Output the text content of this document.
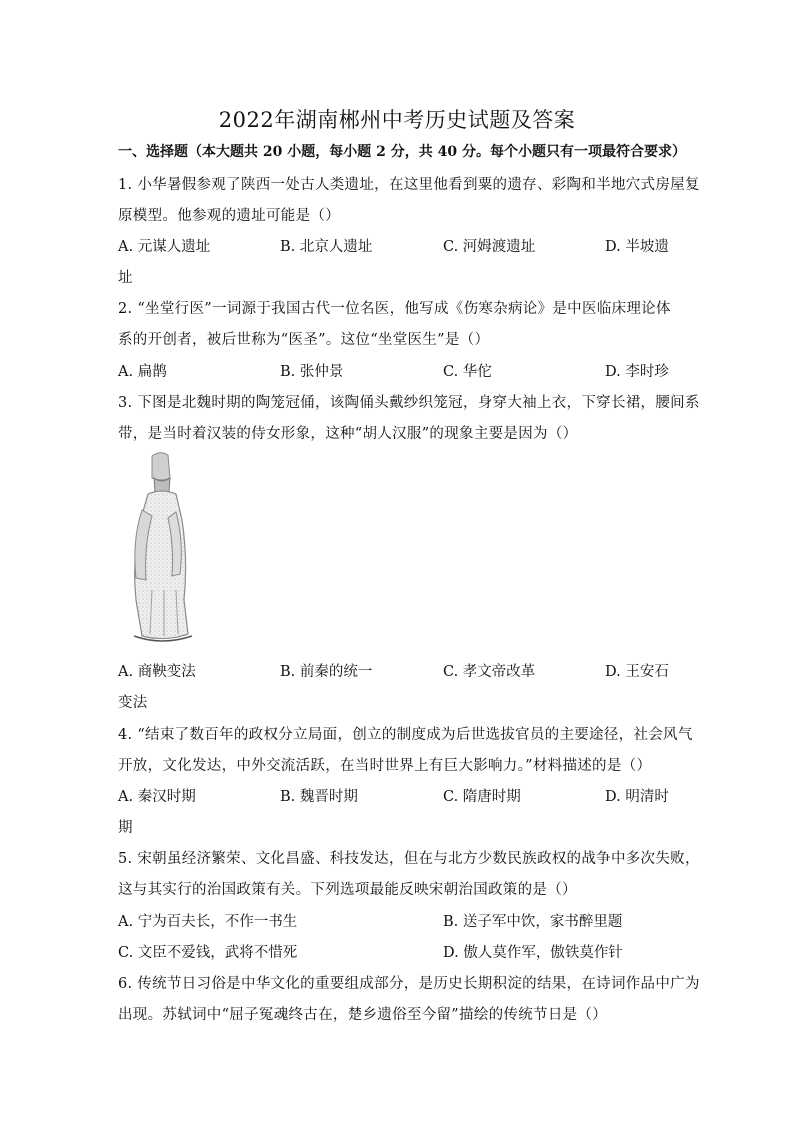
2022年湖南郴州中考历史试题及答案
一、选择题（本大题共 20 小题，每小题 2 分，共 40 分。每个小题只有一项最符合要求）
1. 小华暑假参观了陕西一处古人类遗址，在这里他看到粟的遗存、彩陶和半地穴式房屋复
原模型。他参观的遗址可能是（）
A. 元谋人遗址	B. 北京人遗址	C. 河姆渡遗址	D. 半坡遗
址
2. “坐堂行医”一词源于我国古代一位名医，他写成《伤寒杂病论》是中医临床理论体
系的开创者，被后世称为“医圣”。这位“坐堂医生”是（）
A. 扁鹊	B. 张仲景	C. 华佗	D. 李时珍
3. 下图是北魏时期的陶笼冠俑，该陶俑头戴纱织笼冠，身穿大袖上衣，下穿长裙，腰间系
带，是当时着汉装的侍女形象，这种“胡人汉服”的现象主要是因为（）
A. 商鞅变法	B. 前秦的统一	C. 孝文帝改革	D. 王安石
变法
4. “结束了数百年的政权分立局面，创立的制度成为后世选拔官员的主要途径，社会风气
开放，文化发达，中外交流活跃，在当时世界上有巨大影响力。”材料描述的是（）
A. 秦汉时期	B. 魏晋时期	C. 隋唐时期	D. 明清时
期
5. 宋朝虽经济繁荣、文化昌盛、科技发达，但在与北方少数民族政权的战争中多次失败，
这与其实行的治国政策有关。下列选项最能反映宋朝治国政策的是（）
A. 宁为百夫长，不作一书生	B. 送子军中饮，家书醉里题
C. 文臣不爱钱，武将不惜死	D. 傲人莫作军，傲铁莫作针
6. 传统节日习俗是中华文化的重要组成部分，是历史长期积淀的结果，在诗词作品中广为
出现。苏轼词中“屈子冤魂终古在，楚乡遗俗至今留”描绘的传统节日是（）
